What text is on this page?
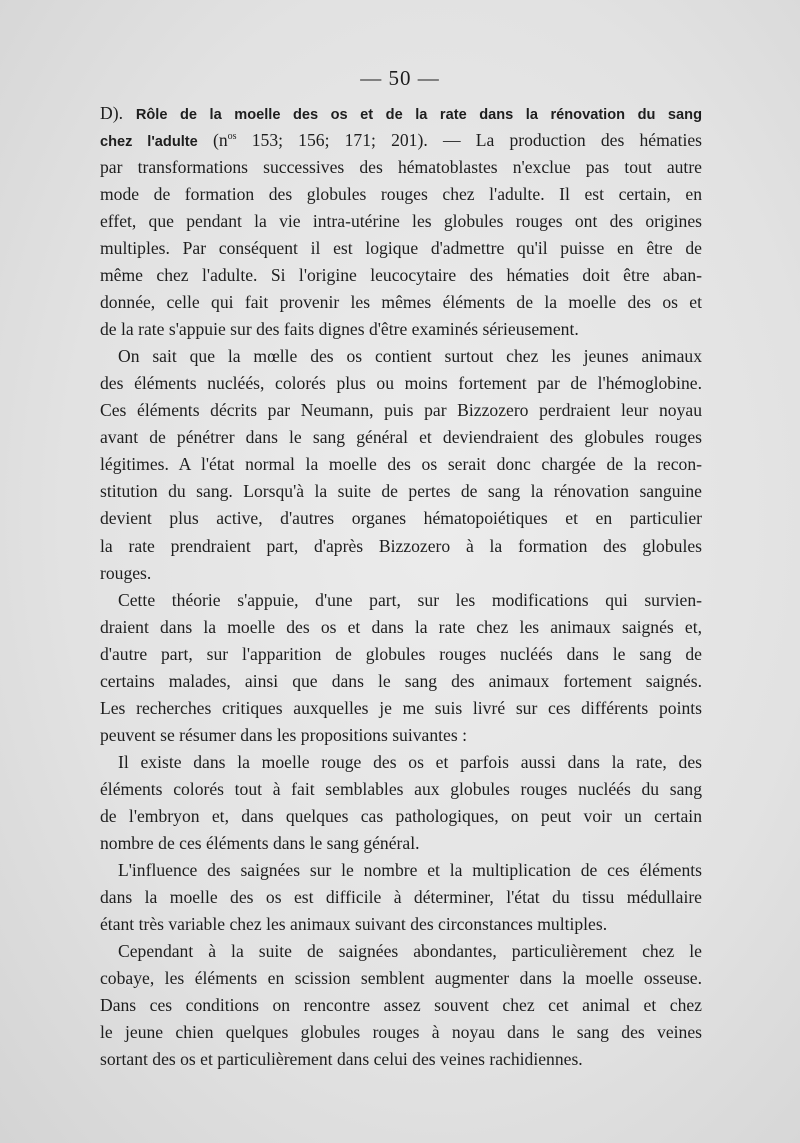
— 50 —
D). Rôle de la moelle des os et de la rate dans la rénovation du sang
chez l'adulte ($n^{os}$ 153; 156; 171; 201). — La production des hématies
par transformations successives des hématoblastes n'exclue pas tout autre
mode de formation des globules rouges chez l'adulte. Il est certain, en
effet, que pendant la vie intra-utérine les globules rouges ont des origines
multiples. Par conséquent il est logique d'admettre qu'il puisse en être de
même chez l'adulte. Si l'origine leucocytaire des hématies doit être aban-
donnée, celle qui fait provenir les mêmes éléments de la moelle des os et
de la rate s'appuie sur des faits dignes d'être examinés sérieusement.
On sait que la mœlle des os contient surtout chez les jeunes animaux
des éléments nucléés, colorés plus ou moins fortement par de l'hémoglobine.
Ces éléments décrits par Neumann, puis par Bizzozero perdraient leur noyau
avant de pénétrer dans le sang général et deviendraient des globules rouges
légitimes. A l'état normal la moelle des os serait donc chargée de la recon-
stitution du sang. Lorsqu'à la suite de pertes de sang la rénovation sanguine
devient plus active, d'autres organes hématopoiétiques et en particulier
la rate prendraient part, d'après Bizzozero à la formation des globules
rouges.
Cette théorie s'appuie, d'une part, sur les modifications qui survien-
draient dans la moelle des os et dans la rate chez les animaux saignés et,
d'autre part, sur l'apparition de globules rouges nucléés dans le sang de
certains malades, ainsi que dans le sang des animaux fortement saignés.
Les recherches critiques auxquelles je me suis livré sur ces différents points
peuvent se résumer dans les propositions suivantes :
Il existe dans la moelle rouge des os et parfois aussi dans la rate, des
éléments colorés tout à fait semblables aux globules rouges nucléés du sang
de l'embryon et, dans quelques cas pathologiques, on peut voir un certain
nombre de ces éléments dans le sang général.
L'influence des saignées sur le nombre et la multiplication de ces éléments
dans la moelle des os est difficile à déterminer, l'état du tissu médullaire
étant très variable chez les animaux suivant des circonstances multiples.
Cependant à la suite de saignées abondantes, particulièrement chez le
cobaye, les éléments en scission semblent augmenter dans la moelle osseuse.
Dans ces conditions on rencontre assez souvent chez cet animal et chez
le jeune chien quelques globules rouges à noyau dans le sang des veines
sortant des os et particulièrement dans celui des veines rachidiennes.
